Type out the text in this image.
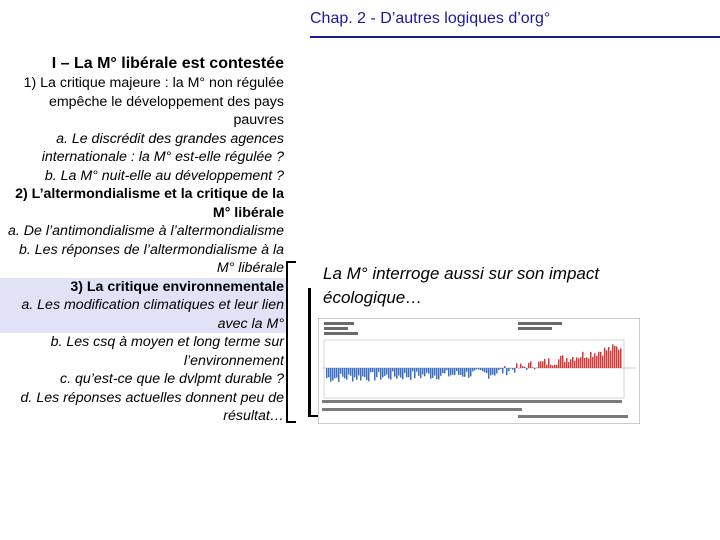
Chap. 2 - D’autres logiques d’org°
I – La M° libérale est contestée
1) La critique majeure : la M° non régulée empêche le développement des pays pauvres
a. Le discrédit des grandes agences internationale : la M° est-elle régulée ?
b. La M° nuit-elle au développement ?
2) L’altermondialisme et la critique de la M° libérale
a. De l’antimondialisme à l’altermondialisme
b. Les réponses de l’altermondialisme à la M° libérale
3) La critique environnementale
a. Les modification climatiques et leur lien avec la M°
b. Les csq à moyen et long terme sur l’environnement
c. qu’est-ce que le dvlpmt durable ?
d. Les réponses actuelles donnent peu de résultat…
La M° interroge aussi sur son impact écologique…
